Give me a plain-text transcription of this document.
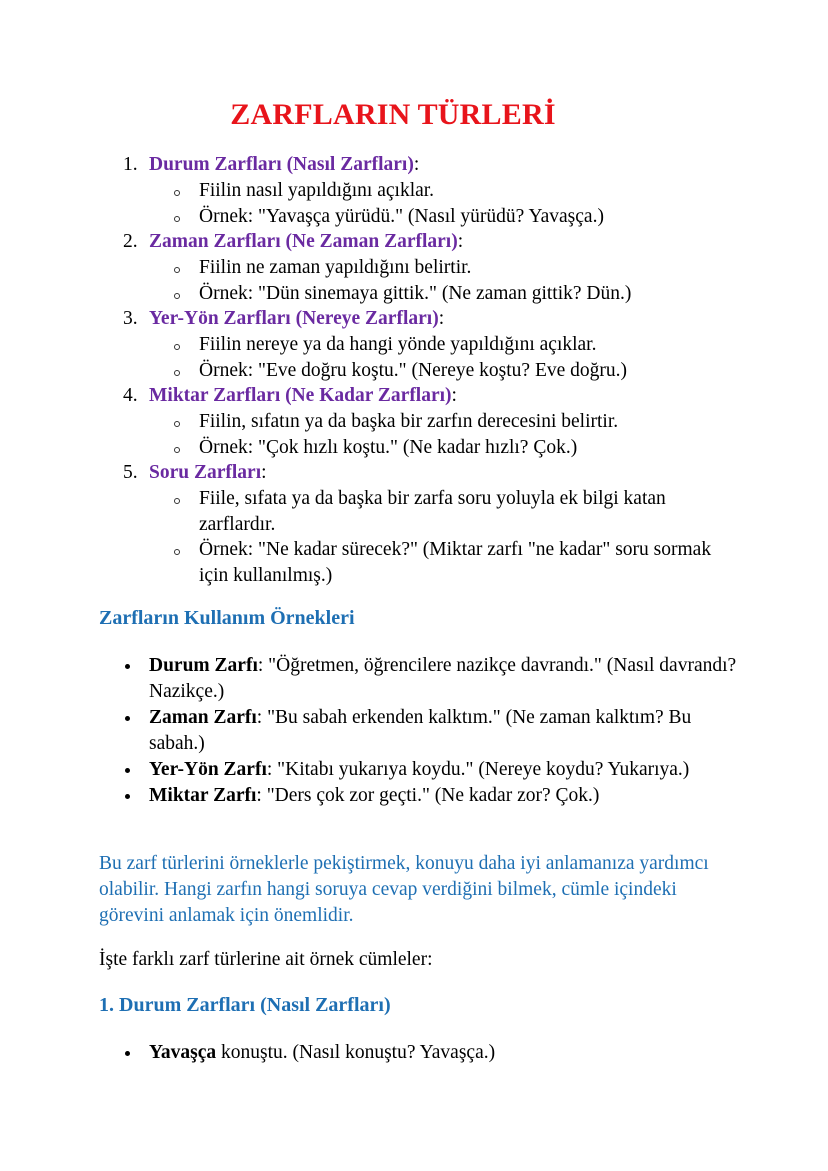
ZARFLARIN TÜRLERİ
1. Durum Zarfları (Nasıl Zarfları):
Fiilin nasıl yapıldığını açıklar.
Örnek: "Yavaşça yürüdü." (Nasıl yürüdü? Yavaşça.)
2. Zaman Zarfları (Ne Zaman Zarfları):
Fiilin ne zaman yapıldığını belirtir.
Örnek: "Dün sinemaya gittik." (Ne zaman gittik? Dün.)
3. Yer-Yön Zarfları (Nereye Zarfları):
Fiilin nereye ya da hangi yönde yapıldığını açıklar.
Örnek: "Eve doğru koştu." (Nereye koştu? Eve doğru.)
4. Miktar Zarfları (Ne Kadar Zarfları):
Fiilin, sıfatın ya da başka bir zarfın derecesini belirtir.
Örnek: "Çok hızlı koştu." (Ne kadar hızlı? Çok.)
5. Soru Zarfları:
Fiile, sıfata ya da başka bir zarfa soru yoluyla ek bilgi katan zarflardır.
Örnek: "Ne kadar sürecek?" (Miktar zarfı "ne kadar" soru sormak için kullanılmış.)
Zarfların Kullanım Örnekleri
Durum Zarfı: "Öğretmen, öğrencilere nazikçe davrandı." (Nasıl davrandı? Nazikçe.)
Zaman Zarfı: "Bu sabah erkenden kalktım." (Ne zaman kalktım? Bu sabah.)
Yer-Yön Zarfı: "Kitabı yukarıya koydu." (Nereye koydu? Yukarıya.)
Miktar Zarfı: "Ders çok zor geçti." (Ne kadar zor? Çok.)
Bu zarf türlerini örneklerle pekiştirmek, konuyu daha iyi anlamanıza yardımcı olabilir. Hangi zarfın hangi soruya cevap verdiğini bilmek, cümle içindeki görevini anlamak için önemlidir.
İşte farklı zarf türlerine ait örnek cümleler:
1. Durum Zarfları (Nasıl Zarfları)
Yavaşça konuştu. (Nasıl konuştu? Yavaşça.)
